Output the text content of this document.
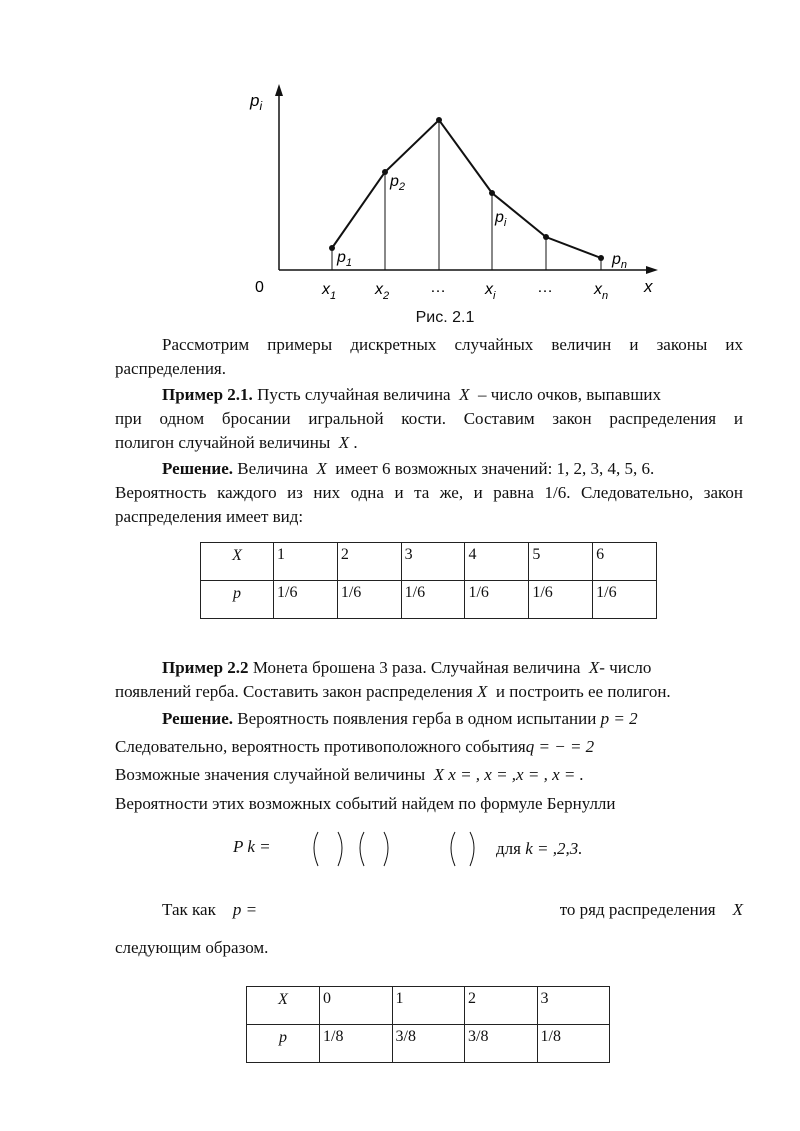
$p_i$
x
0	$x_1$ $x_2$	… $x_i$	…	$x_n$
$p_1$
$p_2$
$p_i$
$p_n$
Рис. 2.1
Рассмотрим примеры дискретных случайных величин и законы их
распределения.
Пример 2.1. Пусть случайная величина X – число очков, выпавших
при одном бросании игральной кости. Составим закон распределения и
полигон случайной величины X .
Решение. Величина X имеет 6 возможных значений: 1, 2, 3, 4, 5, 6.
Вероятность каждого из них одна и та же, и равна 1/6. Следовательно, закон
распределения имеет вид:
X	1	2	3	4	5	6
p	1/6	1/6	1/6	1/6	1/6	1/6
Пример 2.2 Монета брошена 3 раза. Случайная величина X- число
появлений герба. Составить закон распределения X и построить ее полигон.
Решение. Вероятность появления герба в одном испытании p = 2
Следовательно, вероятность противоположного событияq = − = 2
Возможные значения случайной величины X x = , x = ,x = , x = .
Вероятности этих возможных событий найдем по формуле Бернулли
P k =	для k = ,2,3.
Так как p =	то ряд распределения X
следующим образом.
X	0	1	2	3
p	1/8	3/8	3/8	1/8
